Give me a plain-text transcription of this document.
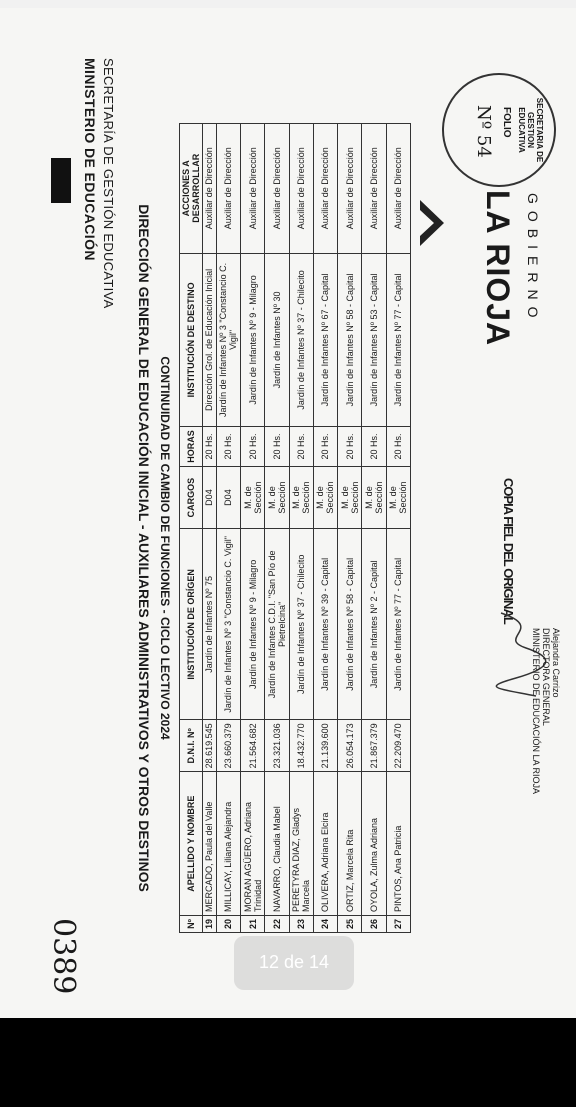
SECRETARIA DE GESTION EDUCATIVA
FOLIO
Nº 54
GOBIERNO
LA RIOJA
MINISTERIO DE EDUCACIÓN SECRETARÍA DE GESTIÓN EDUCATIVA
DIRECCIÓN GENERAL DE EDUCACIÓN INICIAL - AUXILIARES ADMINISTRATIVOS Y OTROS DESTINOS CONTINUIDAD DE CAMBIO DE FUNCIONES - CICLO LECTIVO 2024
Nº	APELLIDO Y NOMBRE	D.N.I. Nº	INSTITUCIÓN DE ORÍGEN	CARGOS	HORAS	INSTITUCIÓN DE DESTINO	ACCIONES A DESARROLLAR
19	MERCADO, Paula del Valle	28.619.545	Jardín de Infantes Nº 75	D04	20 Hs.	Dirección Grol. de Educación Inicial	Auxiliar de Dirección
20	MILLICAY, Liliana Alejandra	23.660.379	Jardín de Infantes Nº 3 "Constancio C. Vigil"	D04	20 Hs.	Jardín de Infantes Nº 3 "Constancio C. Vigil"	Auxiliar de Dirección
21	MORAN AGÜERO, Adriana Trinidad	21.564.682	Jardín de Infantes Nº 9 - Milagro	M. de Sección	20 Hs.	Jardín de Infantes Nº 9 - Milagro	Auxiliar de Dirección
22	NAVARRO, Claudia Mabel	23.321.036	Jardín de Infantes C.D.I. "San Pío de Pietrelcina"	M. de Sección	20 Hs.	Jardín de Infantes Nº 30	Auxiliar de Dirección
23	PERETYRA DIAZ, Gladys Marcela	18.432.770	Jardín de Infantes Nº 37 - Chilecito	M. de Sección	20 Hs.	Jardín de Infantes Nº 37 - Chilecito	Auxiliar de Dirección
24	OLIVERA, Adriana Elcira	21.139.600	Jardín de Infantes Nº 39 - Capital	M. de Sección	20 Hs.	Jardín de Infantes Nº 67 - Capital	Auxiliar de Dirección
25	ORTIZ, Marcela Rita	26.054.173	Jardín de Infantes Nº 58 - Capital	M. de Sección	20 Hs.	Jardín de Infantes Nº 58 - Capital	Auxiliar de Dirección
26	OYOLA, Zulma Adriana	21.867.379	Jardín de Infantes Nº 2 - Capital	M. de Sección	20 Hs.	Jardín de Infantes Nº 53 - Capital	Auxiliar de Dirección
27	PINTOS, Ana Patricia	22.209.470	Jardín de Infantes Nº 77 - Capital	M. de Sección	20 Hs.	Jardín de Infantes Nº 77 - Capital	Auxiliar de Dirección
COPIA FIEL DEL ORIGINAL
Alejandra Carrizo
DIRECTORA GENERAL
MINISTERIO DE EDUCACIÓN LA RIOJA
0389	12 de 14
